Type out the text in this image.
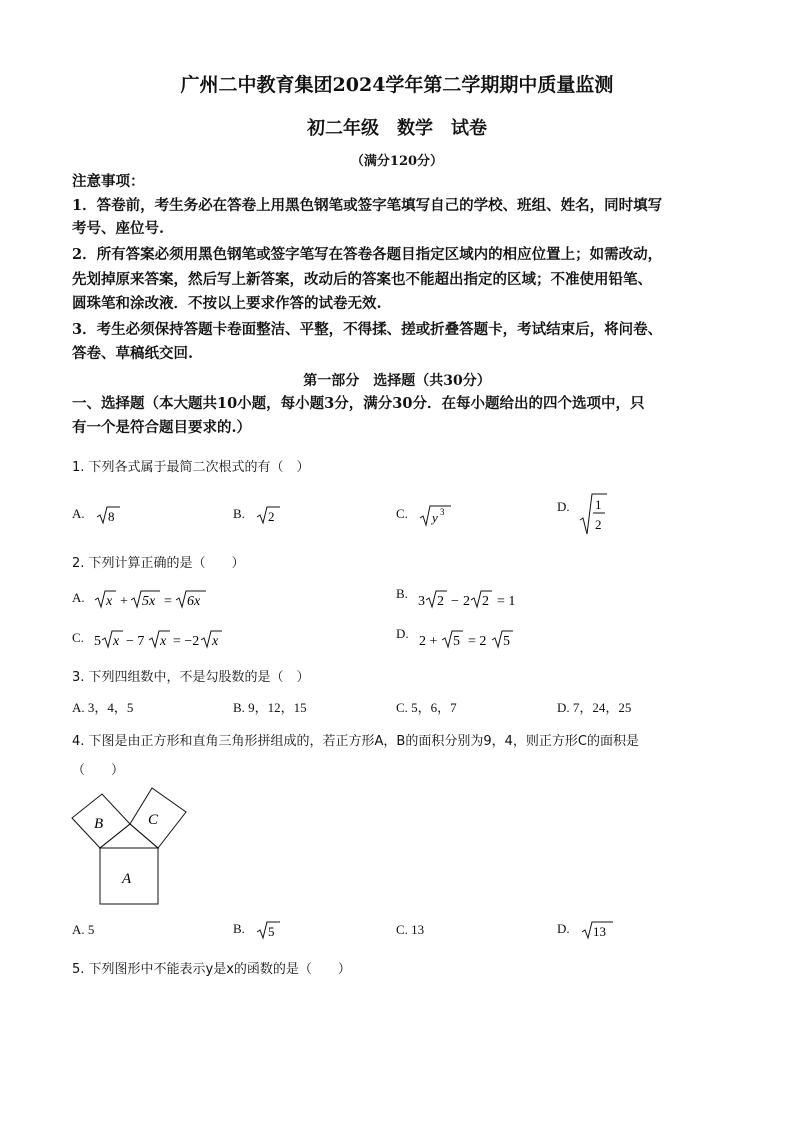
广州二中教育集团2024学年第二学期期中质量监测
初二年级　数学　试卷
（满分120分）
注意事项：
1．答卷前，考生务必在答卷上用黑色钢笔或签字笔填写自己的学校、班组、姓名，同时填写
考号、座位号.
2．所有答案必须用黑色钢笔或签字笔写在答卷各题目指定区域内的相应位置上；如需改动，
先划掉原来答案，然后写上新答案，改动后的答案也不能超出指定的区域；不准使用铅笔、
圆珠笔和涂改液．不按以上要求作答的试卷无效.
3．考生必须保持答题卡卷面整洁、平整，不得揉、搓或折叠答题卡，考试结束后，将问卷、
答卷、草稿纸交回.
第一部分　选择题（共30分）
一、选择题（本大题共10小题，每小题3分，满分30分．在每小题给出的四个选项中，只
有一个是符合题目要求的.）
1. 下列各式属于最简二次根式的有（　）
A. 8	B. 2	C. y 3	D. 1
2
2. 下列计算正确的是（　　）
A. x + 5x = 6x
B.
3 2 − 2 2 = 1
C. 5 x − 7 x = −2 x
D.
2 + 5 = 2 5
3. 下列四组数中，不是勾股数的是（　）
A. 3，4，5	B. 9，12，15	C. 5，6，7	D. 7，24，25
4. 下图是由正方形和直角三角形拼组成的，若正方形A，B的面积分别为9，4，则正方形C的面积是
（　　）
B	C
A
A. 5	B. 5	C. 13	D. 13
5. 下列图形中不能表示y是x的函数的是（　　）
